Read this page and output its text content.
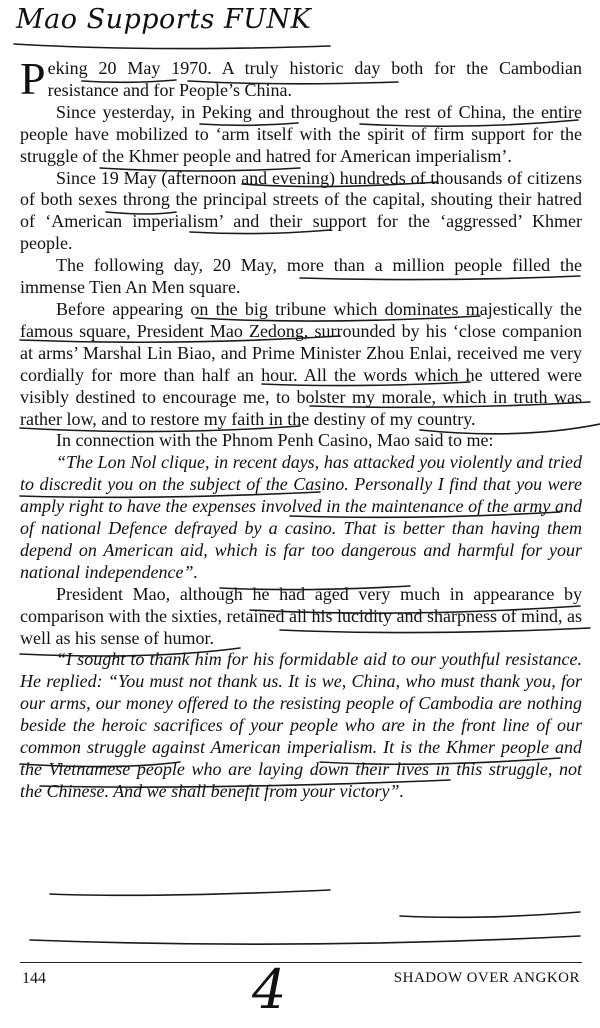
Mao Supports FUNK

Peking 20 May 1970. A truly historic day both for the Cambodian resistance and for People’s China.

Since yesterday, in Peking and throughout the rest of China, the entire people have mobilized to ‘arm itself with the spirit of firm support for the struggle of the Khmer people and hatred for American imperialism’.

Since 19 May (afternoon and evening) hundreds of thousands of citizens of both sexes throng the principal streets of the capital, shouting their hatred of ‘American imperialism’ and their support for the ‘aggressed’ Khmer people.

The following day, 20 May, more than a million people filled the immense Tien An Men square.

Before appearing on the big tribune which dominates majestically the famous square, President Mao Zedong, surrounded by his ‘close companion at arms’ Marshal Lin Biao, and Prime Minister Zhou Enlai, received me very cordially for more than half an hour. All the words which he uttered were visibly destined to encourage me, to bolster my morale, which in truth was rather low, and to restore my faith in the destiny of my country.

In connection with the Phnom Penh Casino, Mao said to me:

“The Lon Nol clique, in recent days, has attacked you violently and tried to discredit you on the subject of the Casino. Personally I find that you were amply right to have the expenses involved in the maintenance of the army and of national Defence defrayed by a casino. That is better than having them depend on American aid, which is far too dangerous and harmful for your national independence”.

President Mao, although he had aged very much in appearance by comparison with the sixties, retained all his lucidity and sharpness of mind, as well as his sense of humor.

“I sought to thank him for his formidable aid to our youthful resistance. He replied: “You must not thank us. It is we, China, who must thank you, for our arms, our money offered to the resisting people of Cambodia are nothing beside the heroic sacrifices of your people who are in the front line of our common struggle against American imperialism. It is the Khmer people and the Vietnamese people who are laying down their lives in this struggle, not the Chinese. And we shall benefit from your victory”.

144	4	SHADOW OVER ANGKOR
